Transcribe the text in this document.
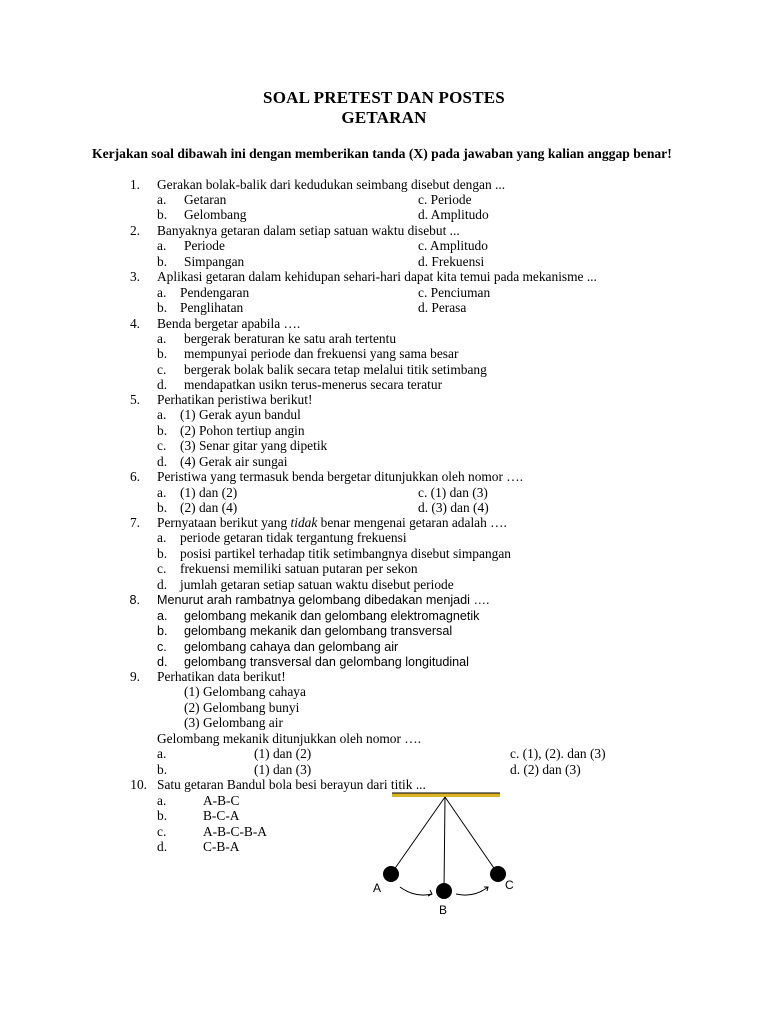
SOAL PRETEST DAN POSTES
GETARAN
Kerjakan soal dibawah ini dengan memberikan tanda (X) pada jawaban yang kalian anggap benar!
1. Gerakan bolak-balik dari kedudukan seimbang disebut dengan ...
a. Getaran	c. Periode
b. Gelombang	d. Amplitudo
2. Banyaknya getaran dalam setiap satuan waktu disebut ...
a. Periode	c. Amplitudo
b. Simpangan	d. Frekuensi
3. Aplikasi getaran dalam kehidupan sehari-hari dapat kita temui pada mekanisme ...
a. Pendengaran	c. Penciuman
b. Penglihatan	d. Perasa
4. Benda bergetar apabila ….
a. bergerak beraturan ke satu arah tertentu
b. mempunyai periode dan frekuensi yang sama besar
c. bergerak bolak balik secara tetap melalui titik setimbang
d. mendapatkan usikn terus-menerus secara teratur
5. Perhatikan peristiwa berikut!
a. (1) Gerak ayun bandul
b. (2) Pohon tertiup angin
c. (3) Senar gitar yang dipetik
d. (4) Gerak air sungai
6. Peristiwa yang termasuk benda bergetar ditunjukkan oleh nomor ….
a. (1) dan (2)	c. (1) dan (3)
b. (2) dan (4)	d. (3) dan (4)
7. Pernyataan berikut yang tidak benar mengenai getaran adalah ….
a. periode getaran tidak tergantung frekuensi
b. posisi partikel terhadap titik setimbangnya disebut simpangan
c. frekuensi memiliki satuan putaran per sekon
d. jumlah getaran setiap satuan waktu disebut periode
8. Menurut arah rambatnya gelombang dibedakan menjadi ….
a. gelombang mekanik dan gelombang elektromagnetik
b. gelombang mekanik dan gelombang transversal
c. gelombang cahaya dan gelombang air
d. gelombang transversal dan gelombang longitudinal
9. Perhatikan data berikut!
(1) Gelombang cahaya
(2) Gelombang bunyi
(3) Gelombang air
Gelombang mekanik ditunjukkan oleh nomor ….
a.	(1) dan (2)	c. (1), (2). dan (3)
b.	(1) dan (3)	d. (2) dan (3)
10. Satu getaran Bandul bola besi berayun dari titik ...
a.	A-B-C
b.	B-C-A
c.	A-B-C-B-A
d.	C-B-A
A
B
C
